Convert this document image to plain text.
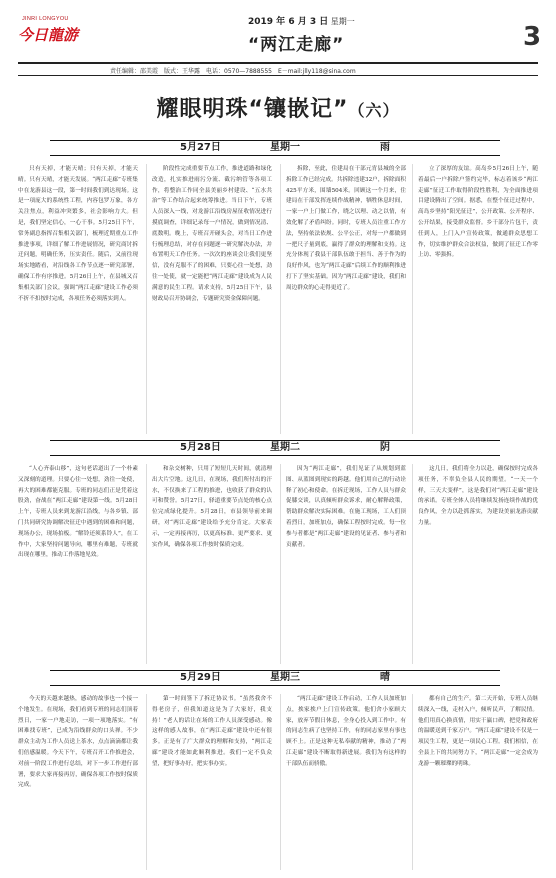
JINRI LONGYOU
今日龍游
2019 年 6 月 3 日 星期一
“两江走廊”	3
责任编辑：邵美霞　版式：王华露　电话：0570—7888555　E－mail:jlly118@sina.com
耀眼明珠“镶嵌记”（六）
5月27日	星期一	雨

只有天掉，才能天晴；只有天掉，才能天晴。只有天晴，才能天发展。“两江走廊”专班集中在龙游县这一段，第一时间我们到达现场。这是一项庞大的系统性工程，内容包罗万象，各方关注焦点，利益冲突繁多，社会影响力大。但是，我们坚定信心，一心干事。5月25日下午，常务副总指挥召集相关部门，梳理近期重点工作推进事项，详细了解工作进展情况，研究商讨拆迁问题，明确任务，压实责任。随后，又前往现场实地踏看，对沿线各工作节点逐一研究部署，确保工作有序推进。5月26日上午，在县城又召集相关部门会议，强调“两江走廊”建设工作必须不折不扣按时完成，各项任务必须落实到人。

阶段性完成重要节点工作，推进道路和绿化改造，扎实推进雨污分流、截污纳管等各项工作，将整治工作同全县美丽乡村建设、“五水共治”等工作结合起来统筹推进。当日下午，专班人员深入一线，对龙游江沿线房屋征收情况进行摸底调查，详细记录每一户情况，做到情况清、底数明。晚上，专班召开碰头会，对当日工作进行梳理总结，对存在问题逐一研究解决办法，并布置明天工作任务。一次次的座谈会让我们更坚信，没有克服不了的困难，只要心往一处想，劲往一处使，就一定能把“两江走廊”建设成为人民满意的民生工程。请求支持，5月25日下午，县财政局召开协调会，专题研究资金保障问题。

拆除，至此，住建局在干部元宵县城的全部拆除工作已经完成。共拆除违建32户，拆除面积425平方米，围墙504米。回顾这一个月来，住建局在干部发挥连续作战精神，牺牲休息时间，一家一户上门做工作，晓之以理、动之以情，有效化解了矛盾纠纷。同时，专班人员注重工作方法，坚持依法依规、公平公正，对每一户都做到一把尺子量到底，赢得了群众的理解和支持。这充分体现了我县干部队伍敢于担当、善于作为的良好作风，也为“两江走廊”后续工作的顺利推进打下了坚实基础。因为“两江走廊”建设，我们和周边群众的心走得更近了。

立了深厚的友谊。高岛乡5月26日上午，随着最后一户拆除户签约完毕，标志着该乡“两江走廊”征迁工作取得阶段性胜利，为全面推进项目建设腾出了空间。据悉，在整个征迁过程中，高岛乡坚持“阳光征迁”，公开政策、公开程序、公开结果，接受群众监督。乡干部分片包干，责任到人，上门入户宣传政策，做通群众思想工作，切实维护群众合法权益，做到了征迁工作零上访、零强拆。

5月28日	星期二	阴

“人心齐泰山移”，这句老话道出了一个朴素又深刻的道理。只要心往一处想，劲往一处使，再大的困难都能克服。专班的同志们正是凭着这股劲，奋战在“两江走廊”建设第一线。5月28日上午，专班人员来到龙游江沿线，与各乡镇、部门共同研究协调解决征迁中遇到的困难和问题，现场办公，现场拍板。“解铃还须系铃人”，在工作中，大家坚持问题导向，哪里有难题，专班就出现在哪里，推动工作落地见效。

和杂交树种，只用了短短几天时间，就清理出大片空地。这几日，在现场，我们所付出的汗水，不仅换来了工程的推进，也收获了群众的认可和赞誉。5月27日，驿道重要节点处的核心点位完成绿化提升。5月28日，市县领导前来调研，对“两江走廊”建设给予充分肯定。大家表示，一定再接再厉，以更高标准、更严要求、更实作风，确保各项工作按时保质完成。

因为“两江走廊”，我们见证了从规划到蓝图、从蓝图到现实的跨越。他们用自己的行动诠释了初心和使命。在拆迁现场，工作人员与群众促膝交谈，认真倾听群众诉求，耐心解释政策，帮助群众解决实际困难。在施工现场，工人们顶着烈日，加班加点，确保工程按时完成。每一位参与者都是“两江走廊”建设的见证者、参与者和贡献者。

这几日，我们将全力以赴，确保按时完成各项任务，不辜负全县人民的期望。“一天一个样，三天大变样”，这是我们对“两江走廊”建设的承诺。专班全体人员将继续发扬连续作战的优良作风，全力以赴抓落实，为建设美丽龙游贡献力量。

5月29日	星期三	晴

今天的天越来越热，感动的故事也一个接一个地发生。在现场，我们看到专班的同志们顶着烈日，一家一户地走访，一项一项地落实。“有困难找专班”，已成为沿线群众的口头禅。不少群众主动为工作人员送上茶水，点点滴滴都让我们倍感温暖。今天下午，专班召开工作推进会，对前一阶段工作进行总结，对下一步工作进行部署，要求大家再接再厉，确保各项工作按时保质完成。

第一时间签下了拆迁协议书。“虽然我舍不得老房子，但我知道这是为了大家好，我支持！”老人的话让在场的工作人员深受感动。像这样的感人故事，在“两江走廊”建设中还有很多。正是有了广大群众的理解和支持，“两江走廊”建设才能如此顺利推进。我们一定不负众望，把好事办好，把实事办实。

“两江走廊”建设工作启动，工作人员加班加点，挨家挨户上门宣传政策。他们舍小家顾大家，放弃节假日休息，全身心投入到工作中。有的同志生病了也坚持工作，有的同志家里有事也顾不上。正是这种无私奉献的精神，推动了“两江走廊”建设不断取得新进展。我们为有这样的干部队伍而骄傲。

都有自己的生产。第二天开始，专班人员继续深入一线，走村入户，倾听民声，了解民情。他们用真心换真情，用实干赢口碑，把党和政府的温暖送到千家万户。“两江走廊”建设不仅是一项民生工程，更是一项民心工程。我们相信，在全县上下的共同努力下，“两江走廊”一定会成为龙游一颗璀璨的明珠。
